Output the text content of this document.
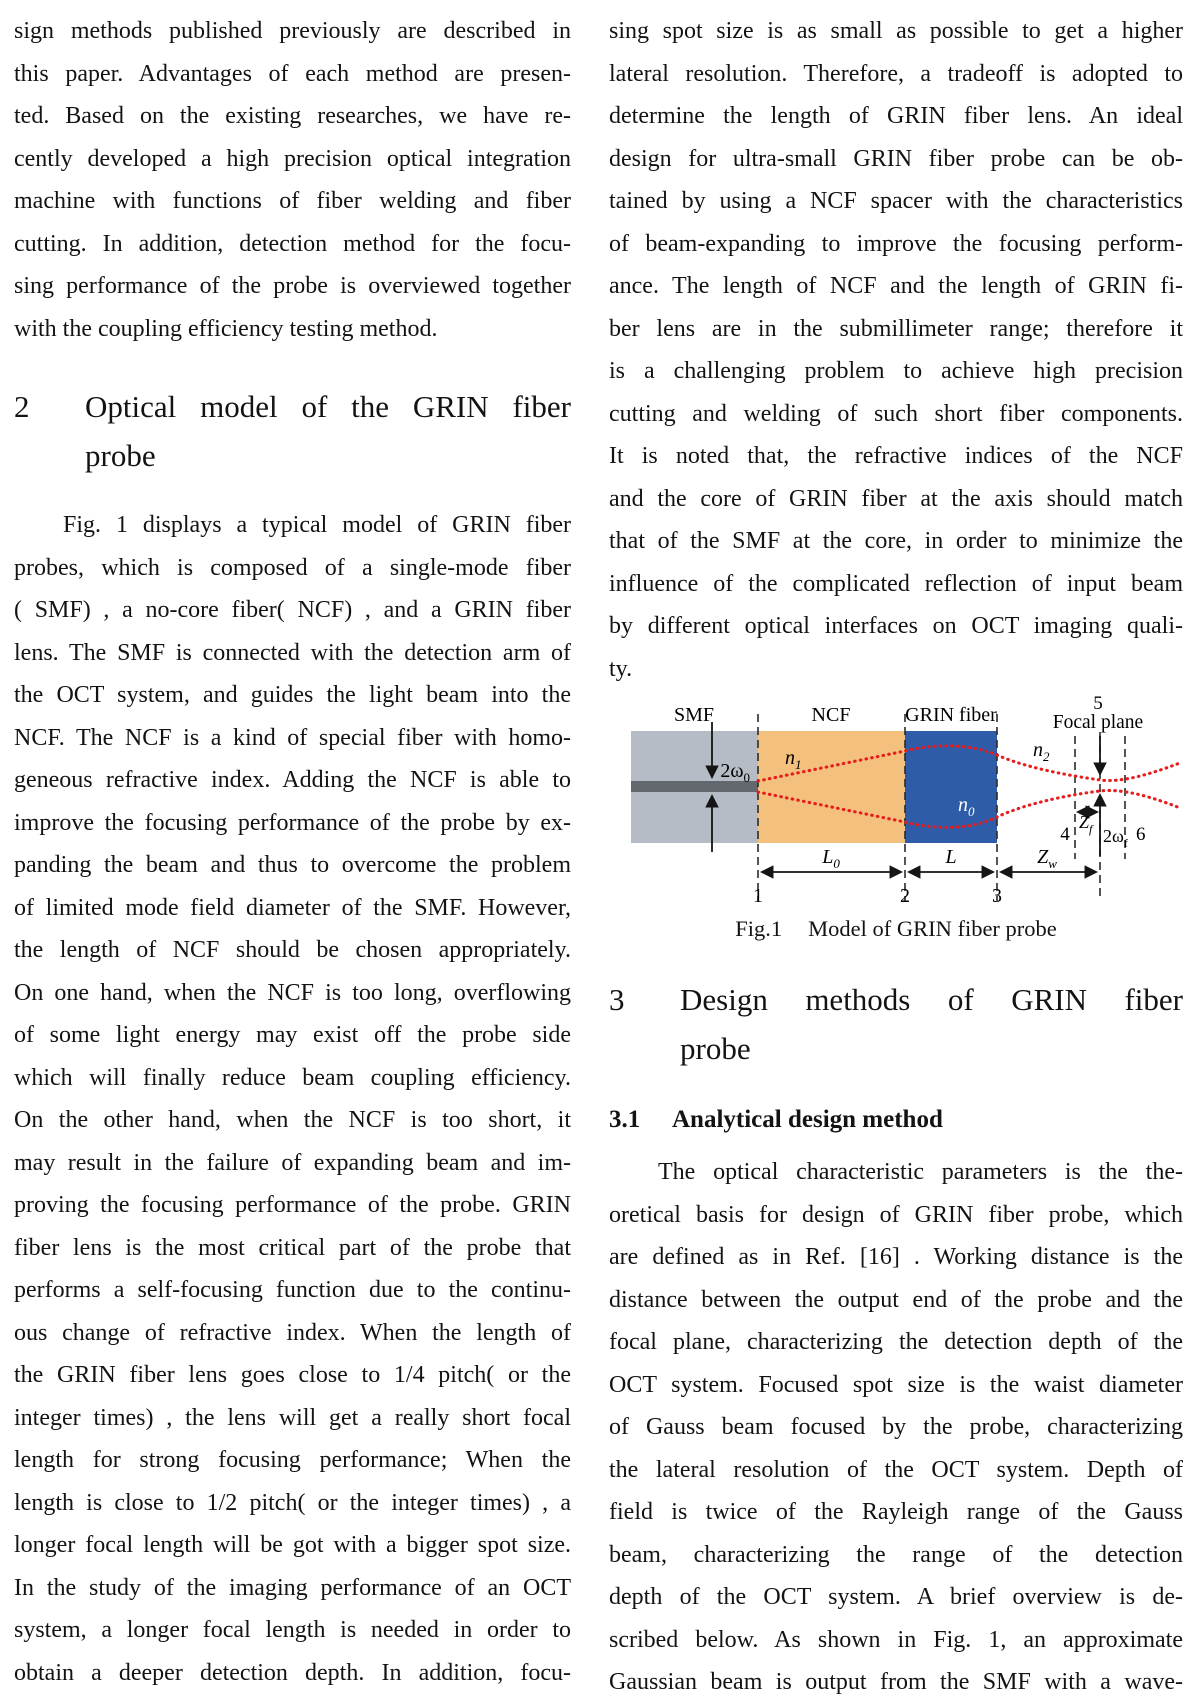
sign methods published previously are described in
this paper. Advantages of each method are presen-
ted. Based on the existing researches, we have re-
cently developed a high precision optical integration
machine with functions of fiber welding and fiber
cutting. In addition, detection method for the focu-
sing performance of the probe is overviewed together
with the coupling efficiency testing method.
2	Optical model of the GRIN fiber
probe
Fig. 1 displays a typical model of GRIN fiber
probes, which is composed of a single-mode fiber
( SMF) , a no-core fiber( NCF) , and a GRIN fiber
lens. The SMF is connected with the detection arm of
the OCT system, and guides the light beam into the
NCF. The NCF is a kind of special fiber with homo-
geneous refractive index. Adding the NCF is able to
improve the focusing performance of the probe by ex-
panding the beam and thus to overcome the problem
of limited mode field diameter of the SMF. However,
the length of NCF should be chosen appropriately.
On one hand, when the NCF is too long, overflowing
of some light energy may exist off the probe side
which will finally reduce beam coupling efficiency.
On the other hand, when the NCF is too short, it
may result in the failure of expanding beam and im-
proving the focusing performance of the probe. GRIN
fiber lens is the most critical part of the probe that
performs a self-focusing function due to the continu-
ous change of refractive index. When the length of
the GRIN fiber lens goes close to 1/4 pitch( or the
integer times) , the lens will get a really short focal
length for strong focusing performance; When the
length is close to 1/2 pitch( or the integer times) , a
longer focal length will be got with a bigger spot size.
In the study of the imaging performance of an OCT
system, a longer focal length is needed in order to
obtain a deeper detection depth. In addition, focu-
sing spot size is as small as possible to get a higher
lateral resolution. Therefore, a tradeoff is adopted to
determine the length of GRIN fiber lens. An ideal
design for ultra-small GRIN fiber probe can be ob-
tained by using a NCF spacer with the characteristics
of beam-expanding to improve the focusing perform-
ance. The length of NCF and the length of GRIN fi-
ber lens are in the submillimeter range; therefore it
is a challenging problem to achieve high precision
cutting and welding of such short fiber components.
It is noted that, the refractive indices of the NCF
and the core of GRIN fiber at the axis should match
that of the SMF at the core, in order to minimize the
influence of the complicated reflection of input beam
by different optical interfaces on OCT imaging quali-
ty.
SMF	NCF	GRIN fiber
5
Focal plane
$2\omega_0$
$n_1$
$n_0$
$n_2$
$Z_f$ $2\omega_f$
4	6
$L_0$	L	$Z_w$
1	2	3
Fig.1 Model of GRIN fiber probe
3	Design methods of GRIN fiber
probe
3.1	Analytical design method
The optical characteristic parameters is the the-
oretical basis for design of GRIN fiber probe, which
are defined as in Ref. [16] . Working distance is the
distance between the output end of the probe and the
focal plane, characterizing the detection depth of the
OCT system. Focused spot size is the waist diameter
of Gauss beam focused by the probe, characterizing
the lateral resolution of the OCT system. Depth of
field is twice of the Rayleigh range of the Gauss
beam, characterizing the range of the detection
depth of the OCT system. A brief overview is de-
scribed below. As shown in Fig. 1, an approximate
Gaussian beam is output from the SMF with a wave-
